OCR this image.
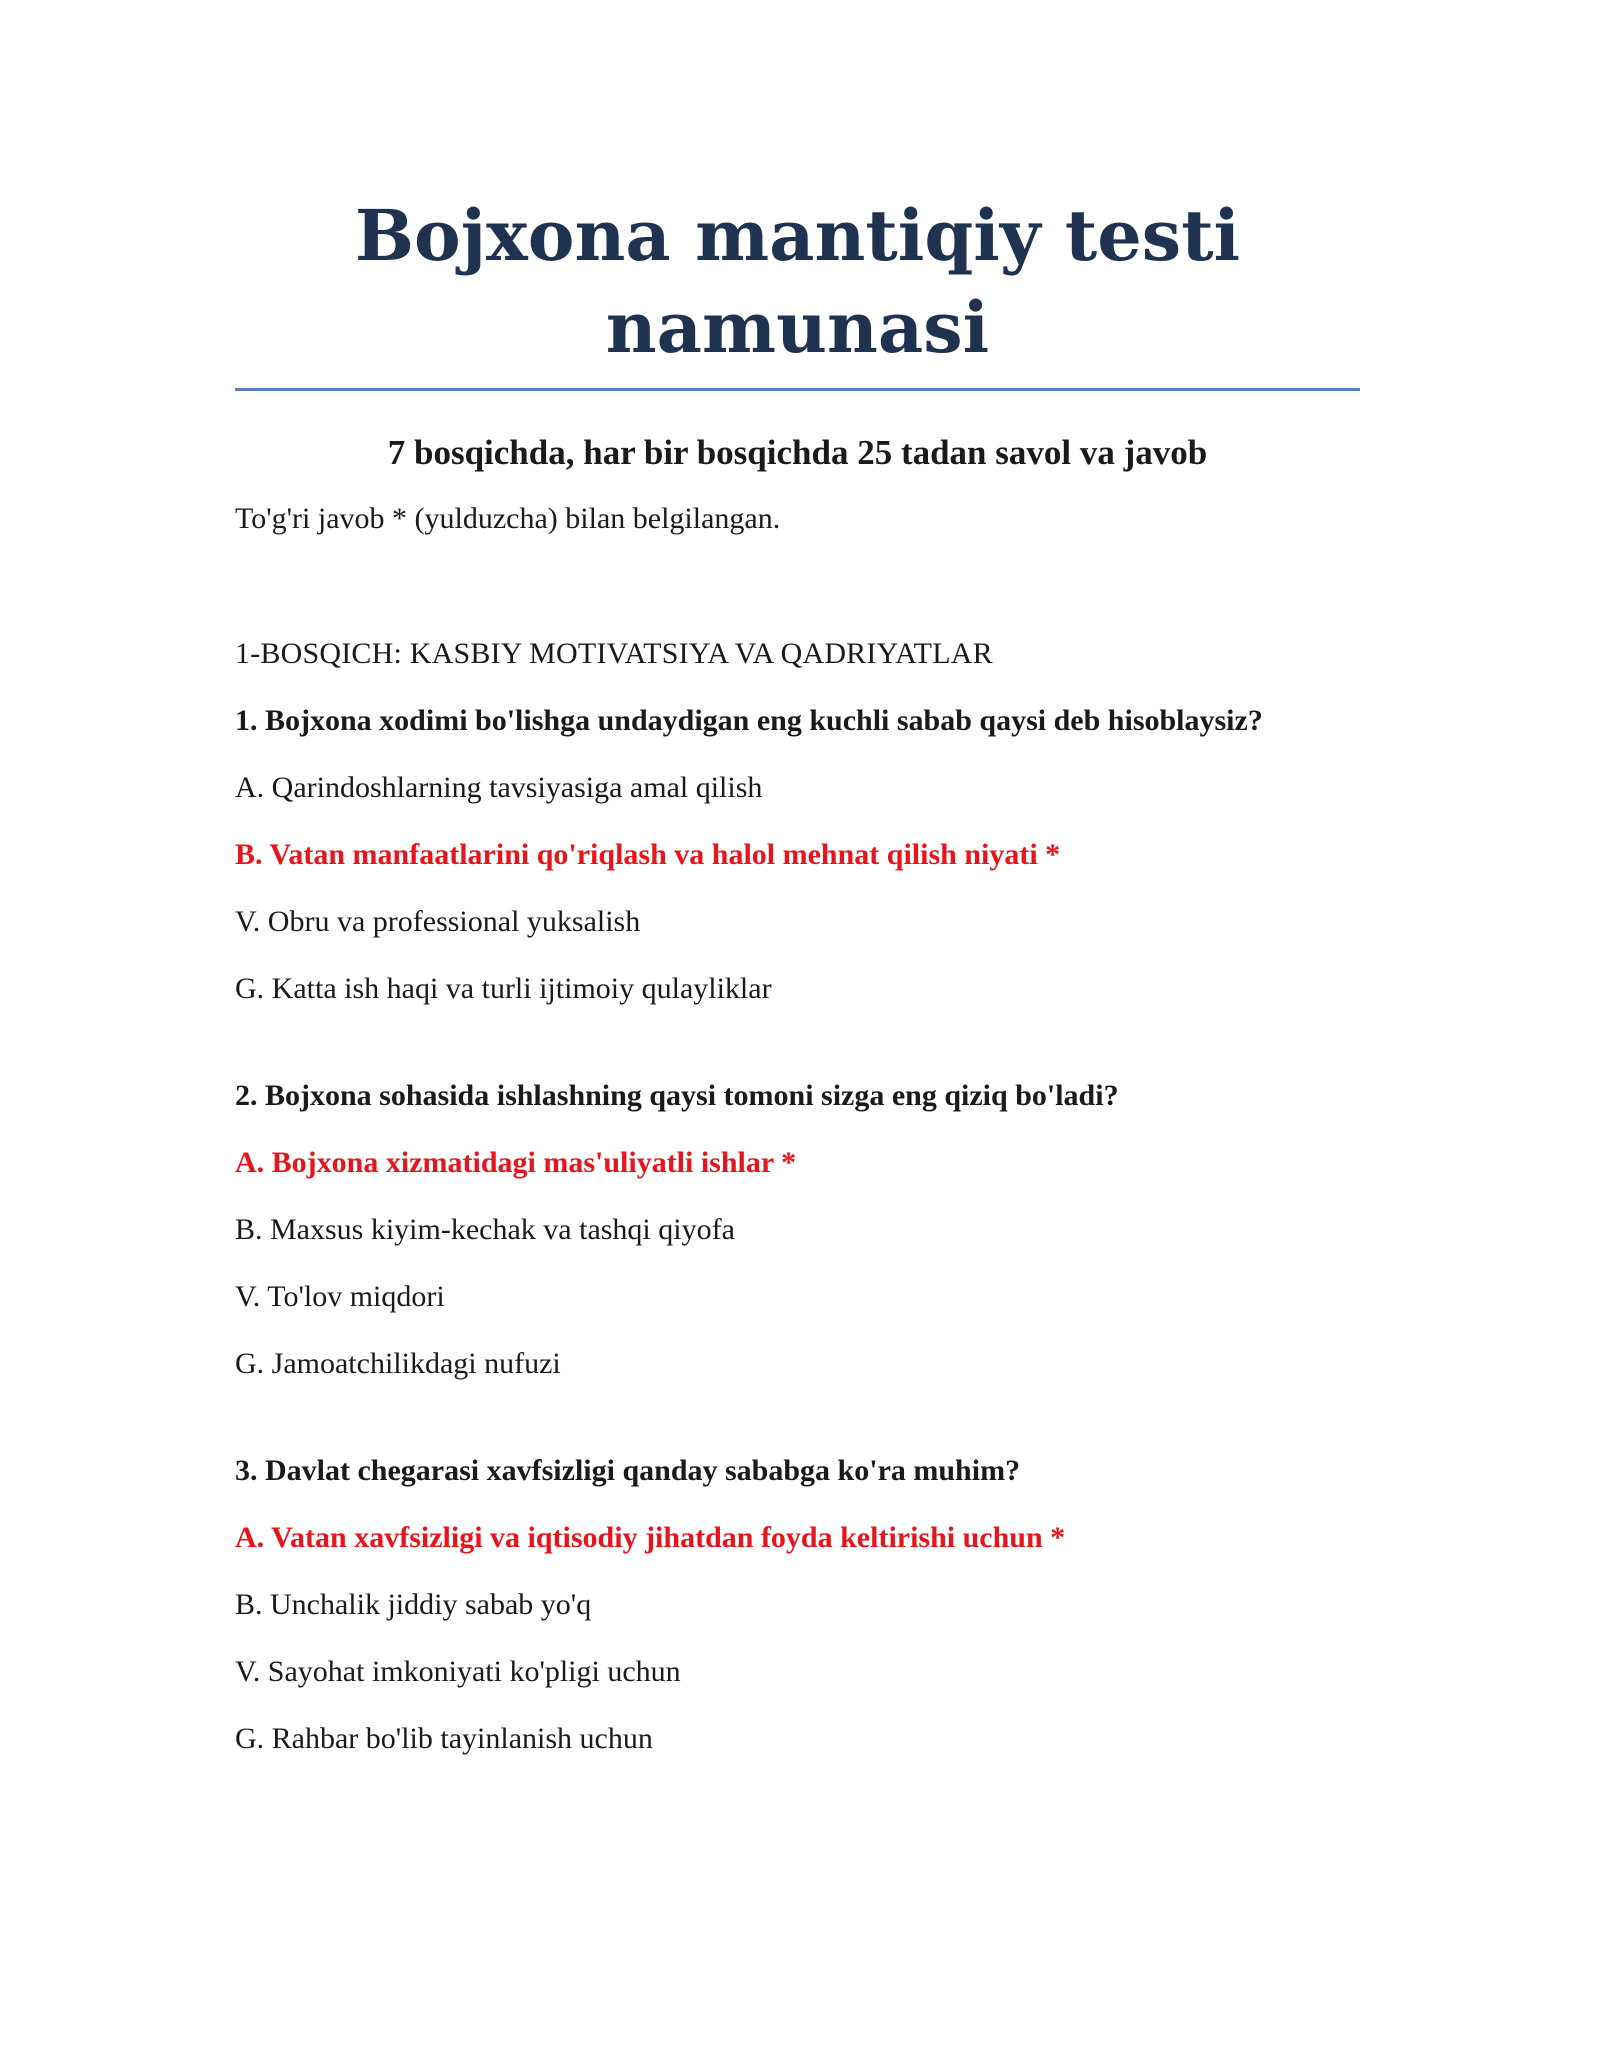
Bojxona mantiqiy testi namunasi
7 bosqichda, har bir bosqichda 25 tadan savol va javob
To'g'ri javob * (yulduzcha) bilan belgilangan.
1-BOSQICH: KASBIY MOTIVATSIYA VA QADRIYATLAR
1. Bojxona xodimi bo'lishga undaydigan eng kuchli sabab qaysi deb hisoblaysiz?
A. Qarindoshlarning tavsiyasiga amal qilish
B. Vatan manfaatlarini qo'riqlash va halol mehnat qilish niyati *
V. Obru va professional yuksalish
G. Katta ish haqi va turli ijtimoiy qulayliklar
2. Bojxona sohasida ishlashning qaysi tomoni sizga eng qiziq bo'ladi?
A. Bojxona xizmatidagi mas'uliyatli ishlar *
B. Maxsus kiyim-kechak va tashqi qiyofa
V. To'lov miqdori
G. Jamoatchilikdagi nufuzi
3. Davlat chegarasi xavfsizligi qanday sababga ko'ra muhim?
A. Vatan xavfsizligi va iqtisodiy jihatdan foyda keltirishi uchun *
B. Unchalik jiddiy sabab yo'q
V. Sayohat imkoniyati ko'pligi uchun
G. Rahbar bo'lib tayinlanish uchun
